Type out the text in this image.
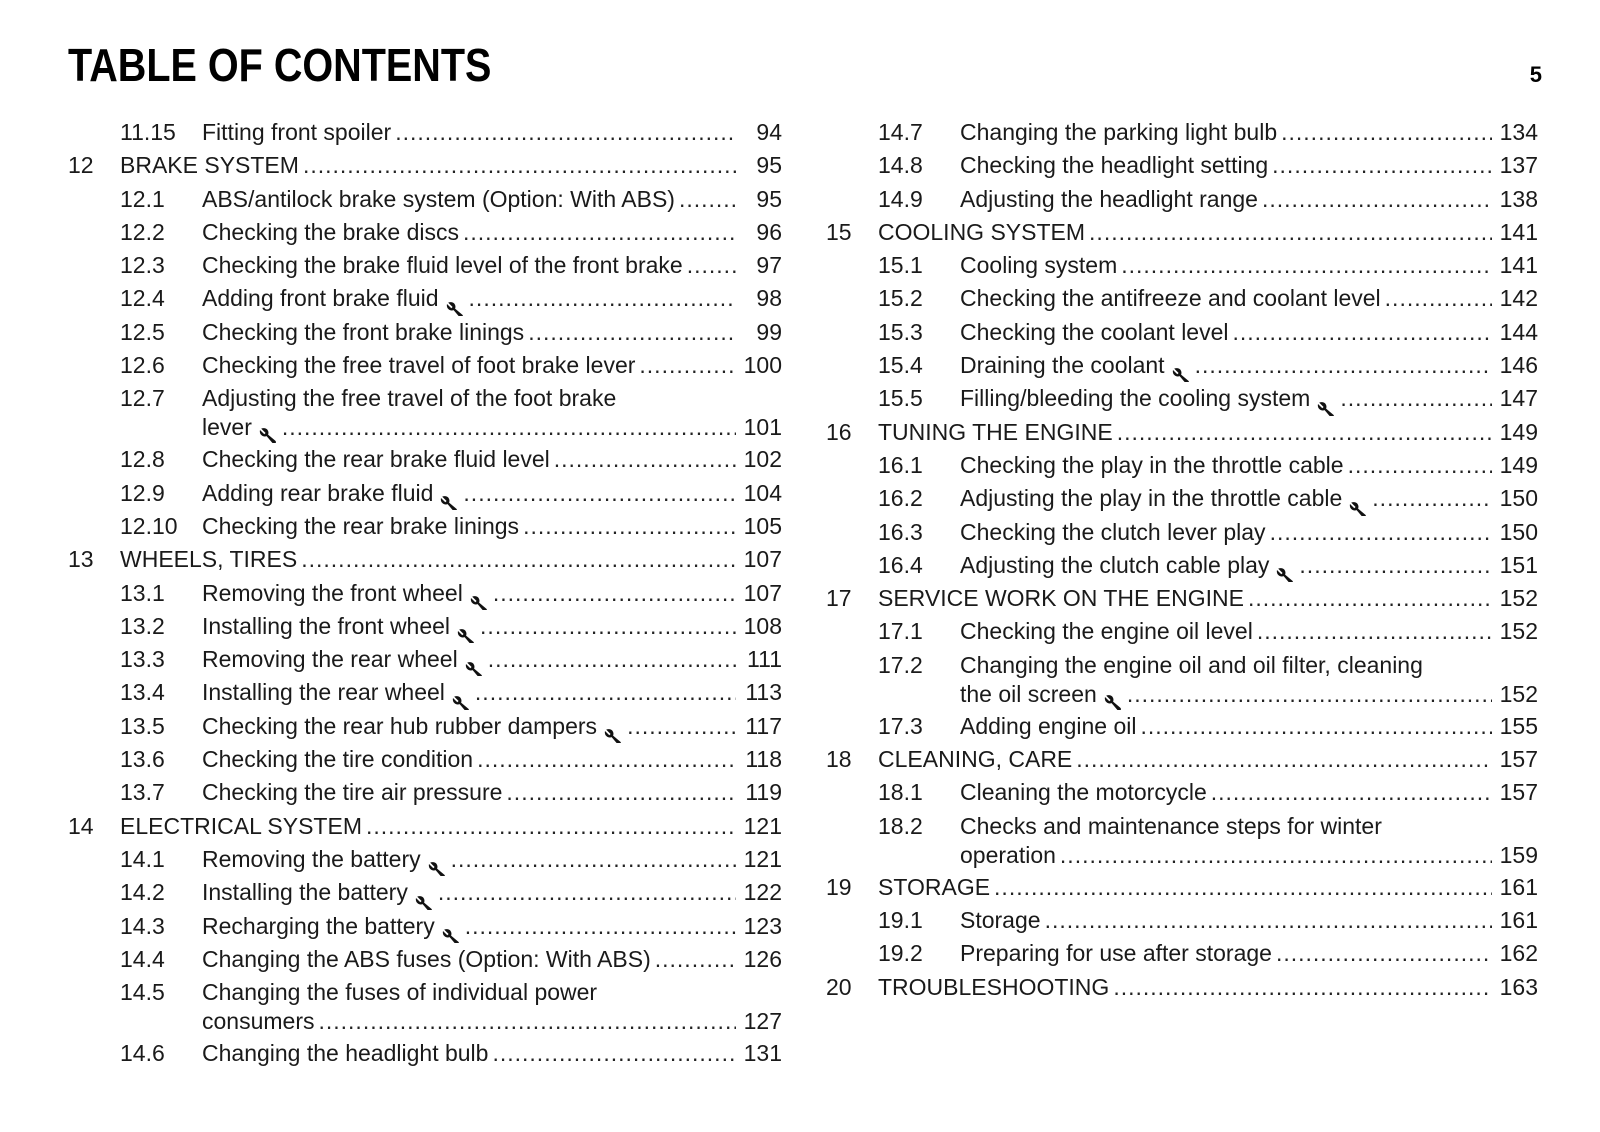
TABLE OF CONTENTS	5
11.15	Fitting front spoiler .....	94
12	BRAKE SYSTEM .....	95
12.1	ABS/antilock brake system (Option: With ABS) .....	95
12.2	Checking the brake discs .....	96
12.3	Checking the brake fluid level of the front brake .....	97
12.4	Adding front brake fluid .....	98
12.5	Checking the front brake linings .....	99
12.6	Checking the free travel of foot brake lever .....	100
12.7	Adjusting the free travel of the foot brake
lever .....	101
12.8	Checking the rear brake fluid level .....	102
12.9	Adding rear brake fluid .....	104
12.10	Checking the rear brake linings .....	105
13	WHEELS, TIRES .....	107
13.1	Removing the front wheel .....	107
13.2	Installing the front wheel .....	108
13.3	Removing the rear wheel .....	111
13.4	Installing the rear wheel .....	113
13.5	Checking the rear hub rubber dampers .....	117
13.6	Checking the tire condition .....	118
13.7	Checking the tire air pressure .....	119
14	ELECTRICAL SYSTEM .....	121
14.1	Removing the battery .....	121
14.2	Installing the battery .....	122
14.3	Recharging the battery .....	123
14.4	Changing the ABS fuses (Option: With ABS) .....	126
14.5	Changing the fuses of individual power
consumers .....	127
14.6	Changing the headlight bulb .....	131
14.7	Changing the parking light bulb .....	134
14.8	Checking the headlight setting .....	137
14.9	Adjusting the headlight range .....	138
15	COOLING SYSTEM .....	141
15.1	Cooling system .....	141
15.2	Checking the antifreeze and coolant level .....	142
15.3	Checking the coolant level .....	144
15.4	Draining the coolant .....	146
15.5	Filling/bleeding the cooling system .....	147
16	TUNING THE ENGINE .....	149
16.1	Checking the play in the throttle cable .....	149
16.2	Adjusting the play in the throttle cable .....	150
16.3	Checking the clutch lever play .....	150
16.4	Adjusting the clutch cable play .....	151
17	SERVICE WORK ON THE ENGINE .....	152
17.1	Checking the engine oil level .....	152
17.2	Changing the engine oil and oil filter, cleaning
the oil screen .....	152
17.3	Adding engine oil .....	155
18	CLEANING, CARE .....	157
18.1	Cleaning the motorcycle .....	157
18.2	Checks and maintenance steps for winter
operation .....	159
19	STORAGE .....	161
19.1	Storage .....	161
19.2	Preparing for use after storage .....	162
20	TROUBLESHOOTING .....	163
